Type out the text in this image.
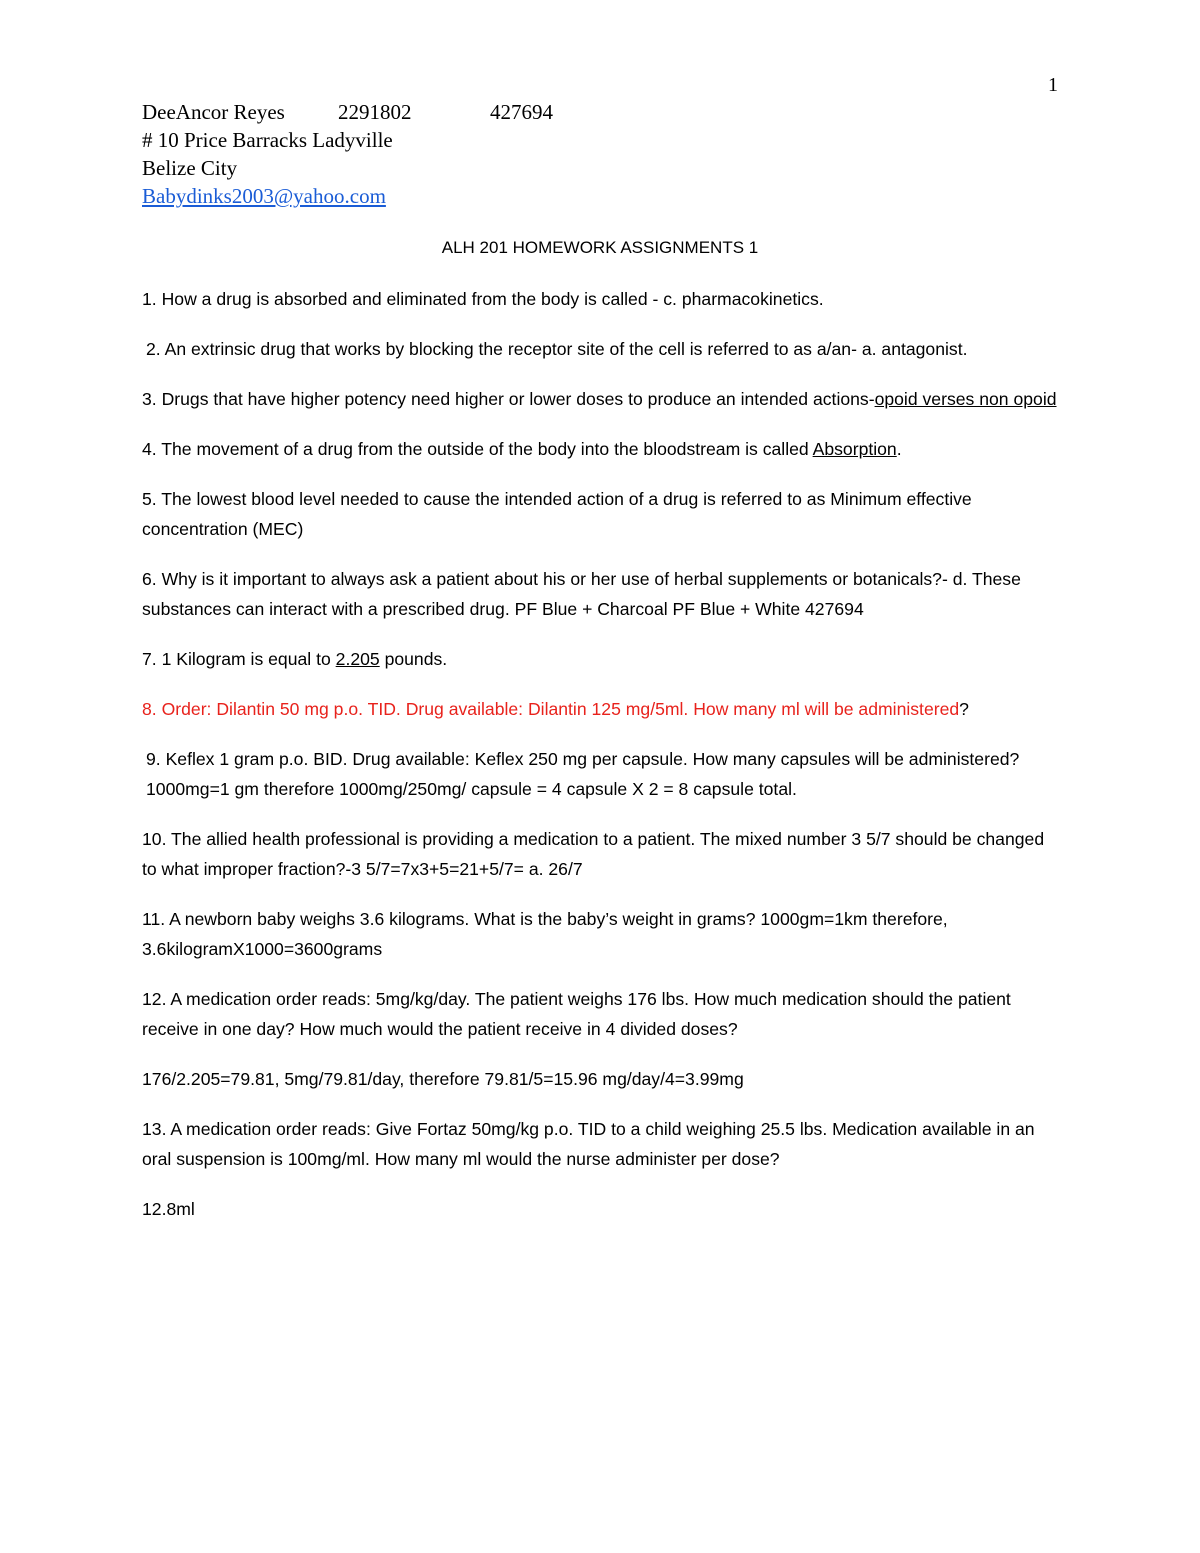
1
DeeAncor Reyes	2291802	427694
# 10 Price Barracks Ladyville
Belize City
Babydinks2003@yahoo.com
ALH 201 HOMEWORK ASSIGNMENTS 1

1. How a drug is absorbed and eliminated from the body is called - c. pharmacokinetics.

2. An extrinsic drug that works by blocking the receptor site of the cell is referred to as a/an- a. antagonist.

3. Drugs that have higher potency need higher or lower doses to produce an intended actions-opoid verses non opoid

4. The movement of a drug from the outside of the body into the bloodstream is called Absorption.

5. The lowest blood level needed to cause the intended action of a drug is referred to as Minimum effective concentration (MEC)

6. Why is it important to always ask a patient about his or her use of herbal supplements or botanicals?- d. These substances can interact with a prescribed drug. PF Blue + Charcoal PF Blue + White 427694

7. 1 Kilogram is equal to 2.205 pounds.

8. Order: Dilantin 50 mg p.o. TID. Drug available: Dilantin 125 mg/5ml. How many ml will be administered?

9. Keflex 1 gram p.o. BID. Drug available: Keflex 250 mg per capsule. How many capsules will be administered? 1000mg=1 gm therefore 1000mg/250mg/ capsule = 4 capsule X 2 = 8 capsule total.

10. The allied health professional is providing a medication to a patient. The mixed number 3 5/7 should be changed to what improper fraction?-3 5/7=7x3+5=21+5/7= a. 26/7

11. A newborn baby weighs 3.6 kilograms. What is the baby’s weight in grams? 1000gm=1km therefore, 3.6kilogramX1000=3600grams

12. A medication order reads: 5mg/kg/day. The patient weighs 176 lbs. How much medication should the patient receive in one day? How much would the patient receive in 4 divided doses?

176/2.205=79.81, 5mg/79.81/day, therefore 79.81/5=15.96 mg/day/4=3.99mg

13. A medication order reads: Give Fortaz 50mg/kg p.o. TID to a child weighing 25.5 lbs. Medication available in an oral suspension is 100mg/ml. How many ml would the nurse administer per dose?

12.8ml
